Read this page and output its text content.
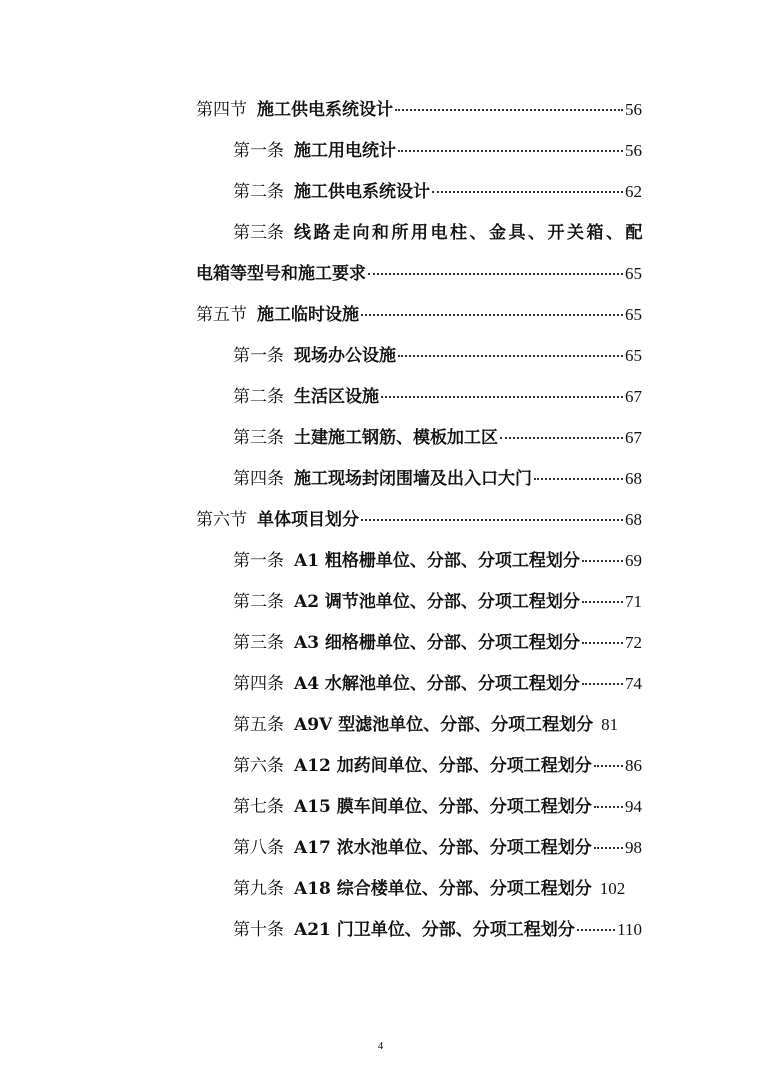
第四节 施工供电系统设计	56
第一条 施工用电统计	56
第二条 施工供电系统设计	62
第三条 线路走向和所用电柱、金具、开关箱、配
电箱等型号和施工要求	65
第五节 施工临时设施	65
第一条 现场办公设施	65
第二条 生活区设施	67
第三条 土建施工钢筋、模板加工区	67
第四条 施工现场封闭围墙及出入口大门	68
第六节 单体项目划分	68
第一条 A1 粗格栅单位、分部、分项工程划分	69
第二条 A2 调节池单位、分部、分项工程划分	71
第三条 A3 细格栅单位、分部、分项工程划分	72
第四条 A4 水解池单位、分部、分项工程划分	74
第五条 A9V 型滤池单位、分部、分项工程划分 81
第六条 A12 加药间单位、分部、分项工程划分 86
第七条 A15 膜车间单位、分部、分项工程划分 94
第八条 A17 浓水池单位、分部、分项工程划分 98
第九条 A18 综合楼单位、分部、分项工程划分 102
第十条 A21 门卫单位、分部、分项工程划分 110
4
